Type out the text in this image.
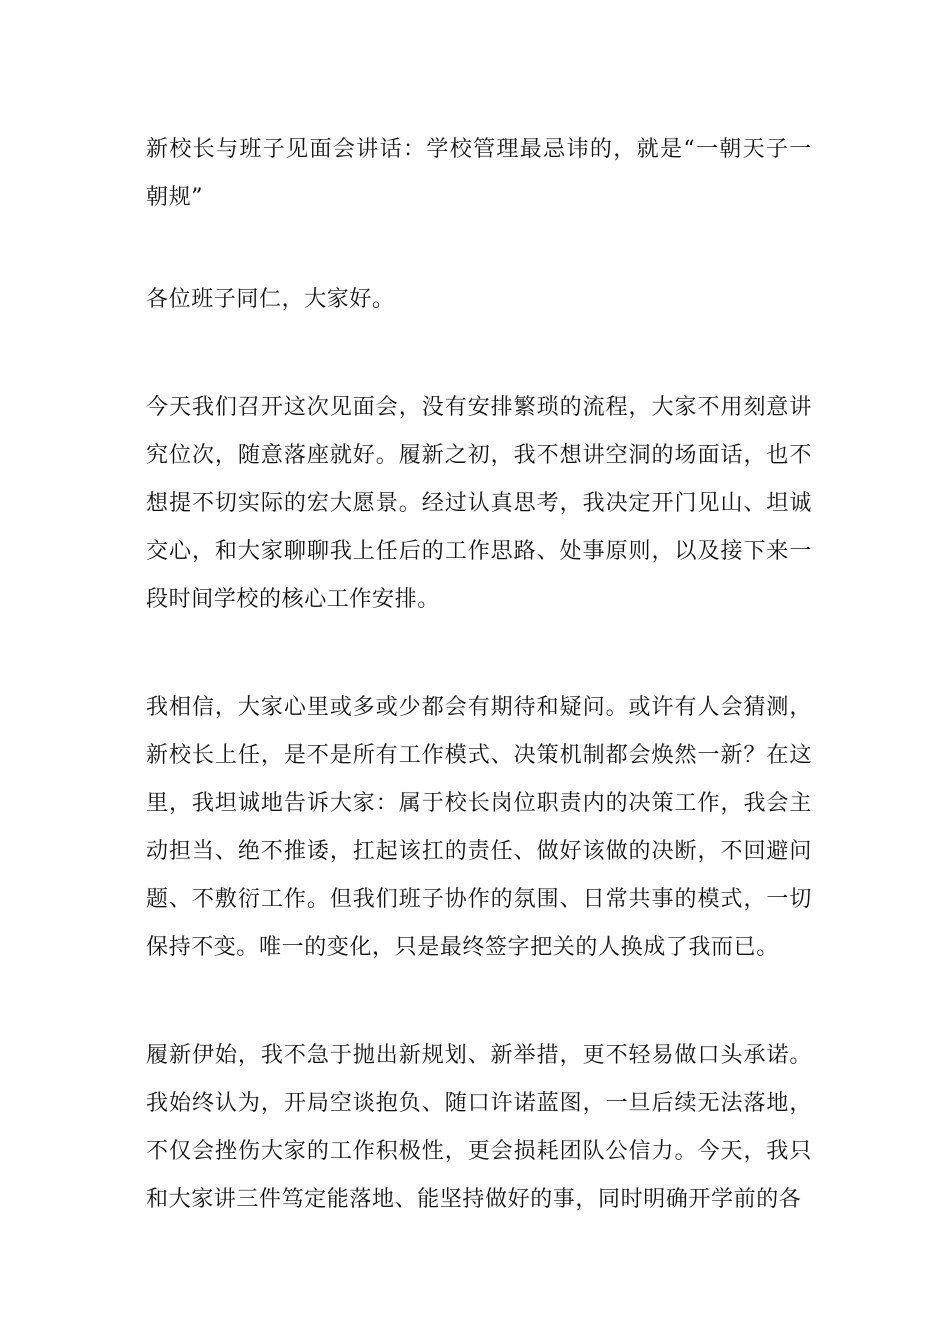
新校长与班子见面会讲话：学校管理最忌讳的，就是“一朝天子一朝规”

各位班子同仁，大家好。

今天我们召开这次见面会，没有安排繁琐的流程，大家不用刻意讲究位次，随意落座就好。履新之初，我不想讲空洞的场面话，也不想提不切实际的宏大愿景。经过认真思考，我决定开门见山、坦诚交心，和大家聊聊我上任后的工作思路、处事原则，以及接下来一段时间学校的核心工作安排。

我相信，大家心里或多或少都会有期待和疑问。或许有人会猜测，新校长上任，是不是所有工作模式、决策机制都会焕然一新？在这里，我坦诚地告诉大家：属于校长岗位职责内的决策工作，我会主动担当、绝不推诿，扛起该扛的责任、做好该做的决断，不回避问题、不敷衍工作。但我们班子协作的氛围、日常共事的模式，一切保持不变。唯一的变化，只是最终签字把关的人换成了我而已。

履新伊始，我不急于抛出新规划、新举措，更不轻易做口头承诺。我始终认为，开局空谈抱负、随口许诺蓝图，一旦后续无法落地，不仅会挫伤大家的工作积极性，更会损耗团队公信力。今天，我只和大家讲三件笃定能落地、能坚持做好的事，同时明确开学前的各
